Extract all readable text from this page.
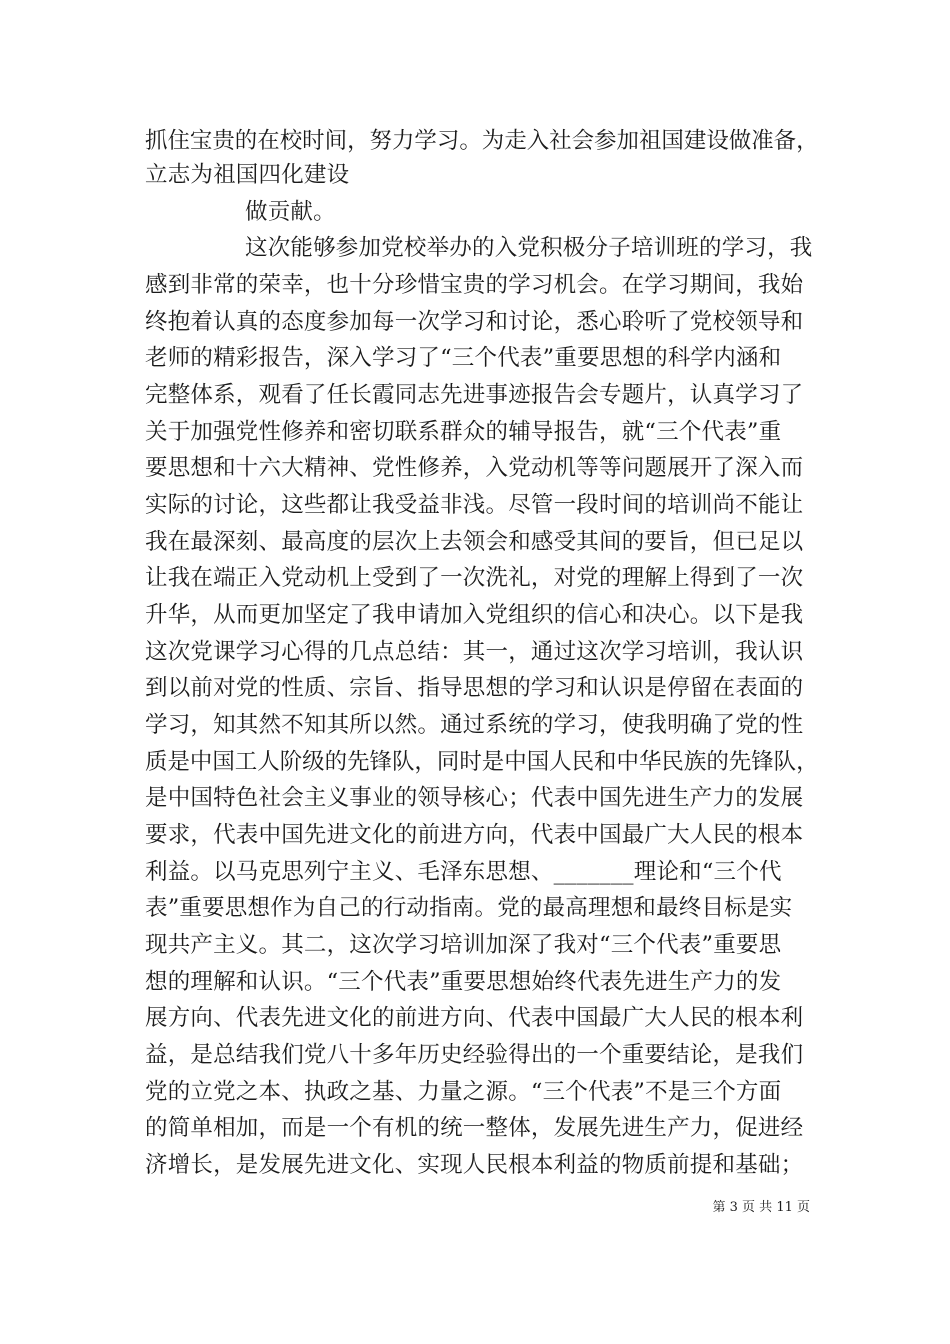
抓住宝贵的在校时间，努力学习。为走入社会参加祖国建设做准备，
立志为祖国四化建设
做贡献。
这次能够参加党校举办的入党积极分子培训班的学习，我
感到非常的荣幸，也十分珍惜宝贵的学习机会。在学习期间，我始
终抱着认真的态度参加每一次学习和讨论，悉心聆听了党校领导和
老师的精彩报告，深入学习了“三个代表”重要思想的科学内涵和
完整体系，观看了任长霞同志先进事迹报告会专题片，认真学习了
关于加强党性修养和密切联系群众的辅导报告，就“三个代表”重
要思想和十六大精神、党性修养，入党动机等等问题展开了深入而
实际的讨论，这些都让我受益非浅。尽管一段时间的培训尚不能让
我在最深刻、最高度的层次上去领会和感受其间的要旨，但已足以
让我在端正入党动机上受到了一次洗礼，对党的理解上得到了一次
升华，从而更加坚定了我申请加入党组织的信心和决心。以下是我
这次党课学习心得的几点总结：其一，通过这次学习培训，我认识
到以前对党的性质、宗旨、指导思想的学习和认识是停留在表面的
学习，知其然不知其所以然。通过系统的学习，使我明确了党的性
质是中国工人阶级的先锋队，同时是中国人民和中华民族的先锋队，
是中国特色社会主义事业的领导核心；代表中国先进生产力的发展
要求，代表中国先进文化的前进方向，代表中国最广大人民的根本
利益。以马克思列宁主义、毛泽东思想、_______理论和“三个代
表”重要思想作为自己的行动指南。党的最高理想和最终目标是实
现共产主义。其二，这次学习培训加深了我对“三个代表”重要思
想的理解和认识。“三个代表”重要思想始终代表先进生产力的发
展方向、代表先进文化的前进方向、代表中国最广大人民的根本利
益，是总结我们党八十多年历史经验得出的一个重要结论，是我们
党的立党之本、执政之基、力量之源。“三个代表”不是三个方面
的简单相加，而是一个有机的统一整体，发展先进生产力，促进经
济增长，是发展先进文化、实现人民根本利益的物质前提和基础；
第 3 页 共 11 页
